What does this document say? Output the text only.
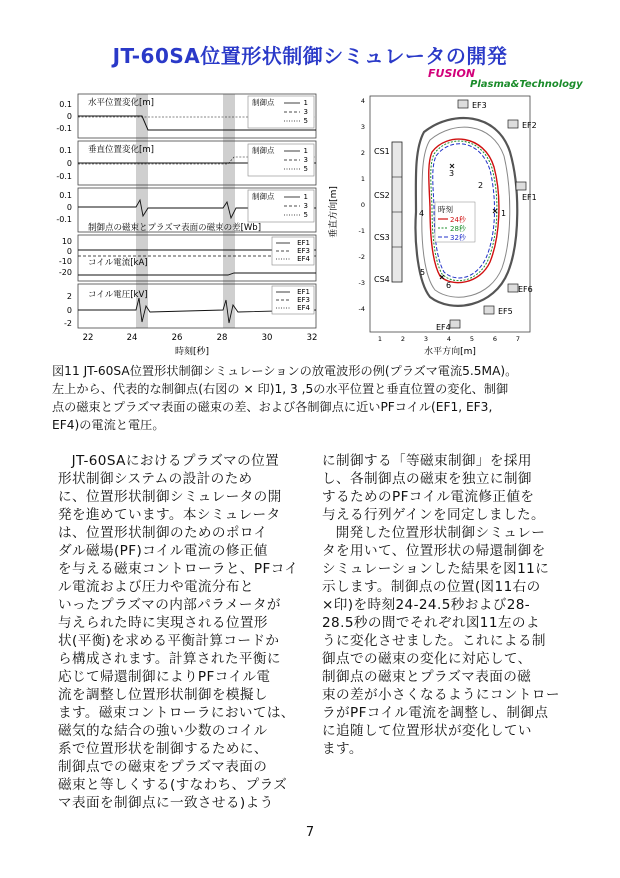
JT-60SA位置形状制御シミュレータの開発
FUSION
Plasma&Technology
水平位置変化[m]
0.1
0
-0.1
制御点	1
3
5
垂直位置変化[m]
0.1
0
-0.1
制御点	1
3
5
制御点の磁束とプラズマ表面の磁束の差[Wb]
0.1
0
-0.1
制御点	1
3
5
コイル電流[kA]
10
0
-10
-20
EF1
EF3
EF4
コイル電圧[kV]
2
0
-2
EF1
EF3
EF4
22	24	26	28	30	32
時刻[秒]
垂直方向[m]
水平方向[m]
4
3
2
1
0
-1
-2
-3
-4
1	2	3	4	5	6	7
CS1
CS2
CS3
CS4
1
2
3
4
5
6
時刻
24秒
28秒
32秒
EF3
EF2
EF1
EF6
EF5
EF4
図11 JT-60SA位置形状制御シミュレーションの放電波形の例(プラズマ電流5.5MA)。
左上から、代表的な制御点(右図の × 印)1, 3 ,5の水平位置と垂直位置の変化、制御
点の磁束とプラズマ表面の磁束の差、および各制御点に近いPFコイル(EF1, EF3,
EF4)の電流と電圧。

JT-60SAにおけるプラズマの位置

形状制御システムの設計のため

に、位置形状制御シミュレータの開

発を進めています。本シミュレータ

は、位置形状制御のためのポロイ

ダル磁場(PF)コイル電流の修正値

を与える磁束コントローラと、PFコイ

ル電流および圧力や電流分布と

いったプラズマの内部パラメータが

与えられた時に実現される位置形

状(平衡)を求める平衡計算コードか

ら構成されます。計算された平衡に

応じて帰還制御によりPFコイル電

流を調整し位置形状制御を模擬し

ます。磁束コントローラにおいては、

磁気的な結合の強い少数のコイル

系で位置形状を制御するために、

制御点での磁束をプラズマ表面の

磁束と等しくする(すなわち、プラズ

マ表面を制御点に一致させる)よう

に制御する「等磁束制御」を採用

し、各制御点の磁束を独立に制御

するためのPFコイル電流修正値を

与える行列ゲインを同定しました。

開発した位置形状制御シミュレー

タを用いて、位置形状の帰還制御を

シミュレーションした結果を図11に

示します。制御点の位置(図11右の

×印)を時刻24-24.5秒および28-

28.5秒の間でそれぞれ図11左のよ

うに変化させました。これによる制

御点での磁束の変化に対応して、

制御点の磁束とプラズマ表面の磁

束の差が小さくなるようにコントロー

ラがPFコイル電流を調整し、制御点

に追随して位置形状が変化してい

ます。

7
